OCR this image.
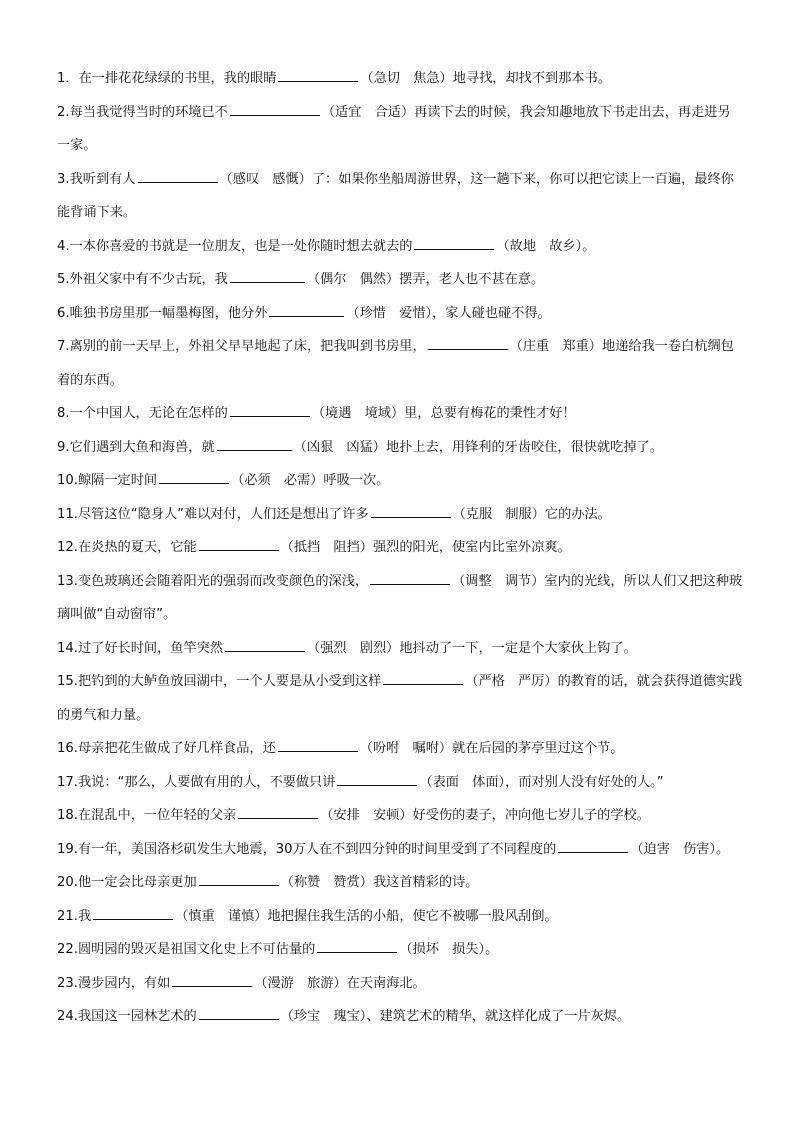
1．在一排花花绿绿的书里，我的眼睛	（急切　焦急）地寻找，却找不到那本书。
2.每当我觉得当时的环境已不	（适宜　合适）再读下去的时候，我会知趣地放下书走出去，再走进另一家。
3.我听到有人	（感叹　感慨）了：如果你坐船周游世界，这一趟下来，你可以把它读上一百遍，最终你能背诵下来。
4.一本你喜爱的书就是一位朋友，也是一处你随时想去就去的	（故地　故乡）。
5.外祖父家中有不少古玩，我	（偶尔　偶然）摆弄，老人也不甚在意。
6.唯独书房里那一幅墨梅图，他分外	（珍惜　爱惜），家人碰也碰不得。
7.离别的前一天早上，外祖父早早地起了床，把我叫到书房里，	（庄重　郑重）地递给我一卷白杭绸包着的东西。
8.一个中国人，无论在怎样的	（境遇　境域）里，总要有梅花的秉性才好！
9.它们遇到大鱼和海兽，就	（凶狠　凶猛）地扑上去，用锋利的牙齿咬住，很快就吃掉了。
10.鲸隔一定时间	（必须　必需）呼吸一次。
11.尽管这位“隐身人”难以对付，人们还是想出了许多	（克服　制服）它的办法。
12.在炎热的夏天，它能	（抵挡　阻挡）强烈的阳光，使室内比室外凉爽。
13.变色玻璃还会随着阳光的强弱而改变颜色的深浅，	（调整　调节）室内的光线，所以人们又把这种玻璃叫做“自动窗帘”。
14.过了好长时间，鱼竿突然	（强烈　剧烈）地抖动了一下，一定是个大家伙上钩了。
15.把钓到的大鲈鱼放回湖中，一个人要是从小受到这样	（严格　严厉）的教育的话，就会获得道德实践的勇气和力量。
16.母亲把花生做成了好几样食品，还	（吩咐　嘱咐）就在后园的茅亭里过这个节。
17.我说：“那么，人要做有用的人，不要做只讲	（表面　体面），而对别人没有好处的人。”
18.在混乱中，一位年轻的父亲	（安排　安顿）好受伤的妻子，冲向他七岁儿子的学校。
19.有一年，美国洛杉矶发生大地震，30万人在不到四分钟的时间里受到了不同程度的	（迫害　伤害）。
20.他一定会比母亲更加	（称赞　赞赏）我这首精彩的诗。
21.我	（慎重　谨慎）地把握住我生活的小船，使它不被哪一股风刮倒。
22.圆明园的毁灭是祖国文化史上不可估量的	（损坏　损失）。
23.漫步园内，有如	（漫游　旅游）在天南海北。
24.我国这一园林艺术的	（珍宝　瑰宝）、建筑艺术的精华，就这样化成了一片灰烬。
